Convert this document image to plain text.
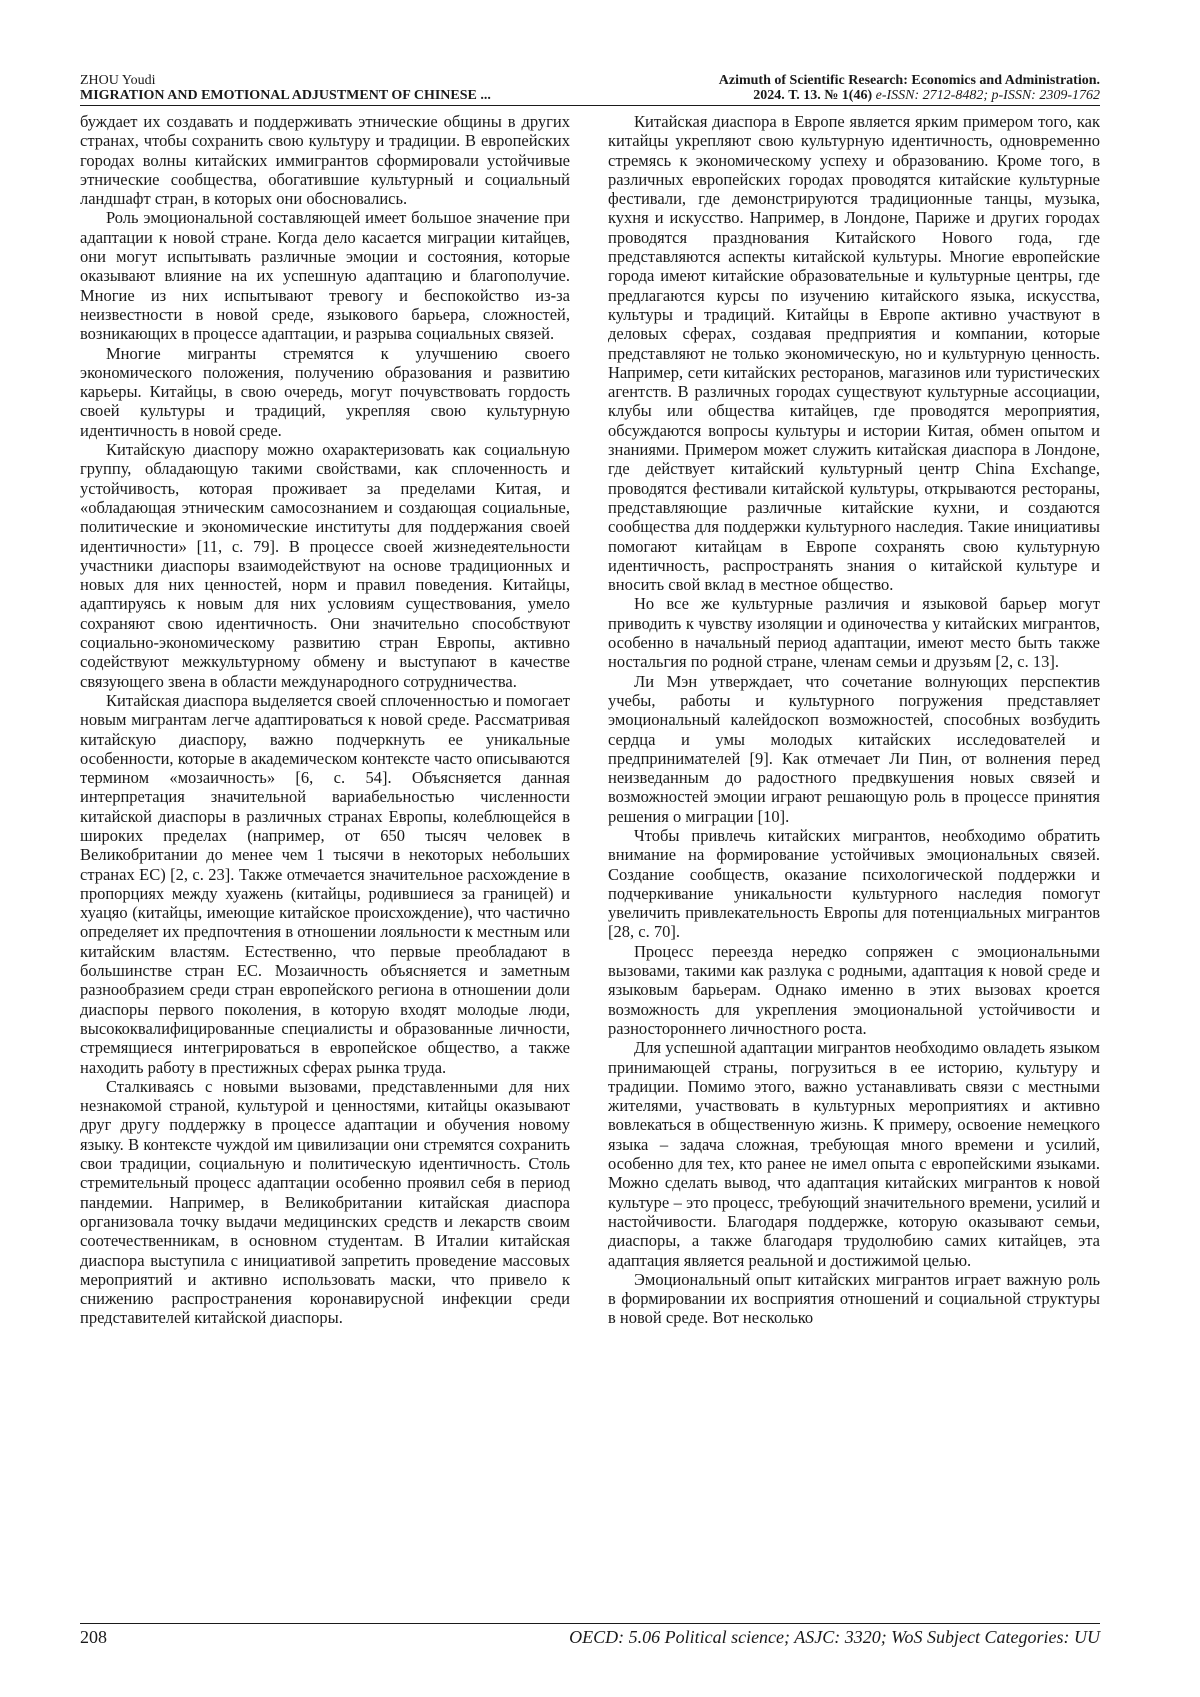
ZHOU Youdi
MIGRATION AND EMOTIONAL ADJUSTMENT OF CHINESE ...
Azimuth of Scientific Research: Economics and Administration.
2024. Т. 13. № 1(46) e-ISSN: 2712-8482; p-ISSN: 2309-1762

буждает их создавать и поддерживать этнические общины в других странах, чтобы сохранить свою культуру и традиции. В европейских городах волны китайских иммигрантов сформировали устойчивые этнические сообщества, обогатившие культурный и социальный ландшафт стран, в которых они обосновались.

Роль эмоциональной составляющей имеет большое значение при адаптации к новой стране. Когда дело касается миграции китайцев, они могут испытывать различные эмоции и состояния, которые оказывают влияние на их успешную адаптацию и благополучие. Многие из них испытывают тревогу и беспокойство из-за неизвестности в новой среде, языкового барьера, сложностей, возникающих в процессе адаптации, и разрыва социальных связей.

Многие мигранты стремятся к улучшению своего экономического положения, получению образования и развитию карьеры. Китайцы, в свою очередь, могут почувствовать гордость своей культуры и традиций, укрепляя свою культурную идентичность в новой среде.

Китайскую диаспору можно охарактеризовать как социальную группу, обладающую такими свойствами, как сплоченность и устойчивость, которая проживает за пределами Китая, и «обладающая этническим самосознанием и создающая социальные, политические и экономические институты для поддержания своей идентичности» [11, с. 79]. В процессе своей жизнедеятельности участники диаспоры взаимодействуют на основе традиционных и новых для них ценностей, норм и правил поведения. Китайцы, адаптируясь к новым для них условиям существования, умело сохраняют свою идентичность. Они значительно способствуют социально-экономическому развитию стран Европы, активно содействуют межкультурному обмену и выступают в качестве связующего звена в области международного сотрудничества.

Китайская диаспора выделяется своей сплоченностью и помогает новым мигрантам легче адаптироваться к новой среде. Рассматривая китайскую диаспору, важно подчеркнуть ее уникальные особенности, которые в академическом контексте часто описываются термином «мозаичность» [6, с. 54]. Объясняется данная интерпретация значительной вариабельностью численности китайской диаспоры в различных странах Европы, колеблющейся в широких пределах (например, от 650 тысяч человек в Великобритании до менее чем 1 тысячи в некоторых небольших странах ЕС) [2, с. 23]. Также отмечается значительное расхождение в пропорциях между хуажень (китайцы, родившиеся за границей) и хуацяо (китайцы, имеющие китайское происхождение), что частично определяет их предпочтения в отношении лояльности к местным или китайским властям. Естественно, что первые преобладают в большинстве стран ЕС. Мозаичность объясняется и заметным разнообразием среди стран европейского региона в отношении доли диаспоры первого поколения, в которую входят молодые люди, высококвалифицированные специалисты и образованные личности, стремящиеся интегрироваться в европейское общество, а также находить работу в престижных сферах рынка труда.

Сталкиваясь с новыми вызовами, представленными для них незнакомой страной, культурой и ценностями, китайцы оказывают друг другу поддержку в процессе адаптации и обучения новому языку. В контексте чуждой им цивилизации они стремятся сохранить свои традиции, социальную и политическую идентичность. Столь стремительный процесс адаптации особенно проявил себя в период пандемии. Например, в Великобритании китайская диаспора организовала точку выдачи медицинских средств и лекарств своим соотечественникам, в основном студентам. В Италии китайская диаспора выступила с инициативой запретить проведение массовых мероприятий и активно использовать маски, что привело к снижению распространения коронавирусной инфекции среди представителей китайской диаспоры.

Китайская диаспора в Европе является ярким примером того, как китайцы укрепляют свою культурную идентичность, одновременно стремясь к экономическому успеху и образованию. Кроме того, в различных европейских городах проводятся китайские культурные фестивали, где демонстрируются традиционные танцы, музыка, кухня и искусство. Например, в Лондоне, Париже и других городах проводятся празднования Китайского Нового года, где представляются аспекты китайской культуры. Многие европейские города имеют китайские образовательные и культурные центры, где предлагаются курсы по изучению китайского языка, искусства, культуры и традиций. Китайцы в Европе активно участвуют в деловых сферах, создавая предприятия и компании, которые представляют не только экономическую, но и культурную ценность. Например, сети китайских ресторанов, магазинов или туристических агентств. В различных городах существуют культурные ассоциации, клубы или общества китайцев, где проводятся мероприятия, обсуждаются вопросы культуры и истории Китая, обмен опытом и знаниями. Примером может служить китайская диаспора в Лондоне, где действует китайский культурный центр China Exchange, проводятся фестивали китайской культуры, открываются рестораны, представляющие различные китайские кухни, и создаются сообщества для поддержки культурного наследия. Такие инициативы помогают китайцам в Европе сохранять свою культурную идентичность, распространять знания о китайской культуре и вносить свой вклад в местное общество.

Но все же культурные различия и языковой барьер могут приводить к чувству изоляции и одиночества у китайских мигрантов, особенно в начальный период адаптации, имеют место быть также ностальгия по родной стране, членам семьи и друзьям [2, с. 13].

Ли Мэн утверждает, что сочетание волнующих перспектив учебы, работы и культурного погружения представляет эмоциональный калейдоскоп возможностей, способных возбудить сердца и умы молодых китайских исследователей и предпринимателей [9]. Как отмечает Ли Пин, от волнения перед неизведанным до радостного предвкушения новых связей и возможностей эмоции играют решающую роль в процессе принятия решения о миграции [10].

Чтобы привлечь китайских мигрантов, необходимо обратить внимание на формирование устойчивых эмоциональных связей. Создание сообществ, оказание психологической поддержки и подчеркивание уникальности культурного наследия помогут увеличить привлекательность Европы для потенциальных мигрантов [28, с. 70].

Процесс переезда нередко сопряжен с эмоциональными вызовами, такими как разлука с родными, адаптация к новой среде и языковым барьерам. Однако именно в этих вызовах кроется возможность для укрепления эмоциональной устойчивости и разностороннего личностного роста.

Для успешной адаптации мигрантов необходимо овладеть языком принимающей страны, погрузиться в ее историю, культуру и традиции. Помимо этого, важно устанавливать связи с местными жителями, участвовать в культурных мероприятиях и активно вовлекаться в общественную жизнь. К примеру, освоение немецкого языка – задача сложная, требующая много времени и усилий, особенно для тех, кто ранее не имел опыта с европейскими языками. Можно сделать вывод, что адаптация китайских мигрантов к новой культуре – это процесс, требующий значительного времени, усилий и настойчивости. Благодаря поддержке, которую оказывают семьи, диаспоры, а также благодаря трудолюбию самих китайцев, эта адаптация является реальной и достижимой целью.

Эмоциональный опыт китайских мигрантов играет важную роль в формировании их восприятия отношений и социальной структуры в новой среде. Вот несколько

208	OECD: 5.06 Political science; ASJC: 3320; WoS Subject Categories: UU
